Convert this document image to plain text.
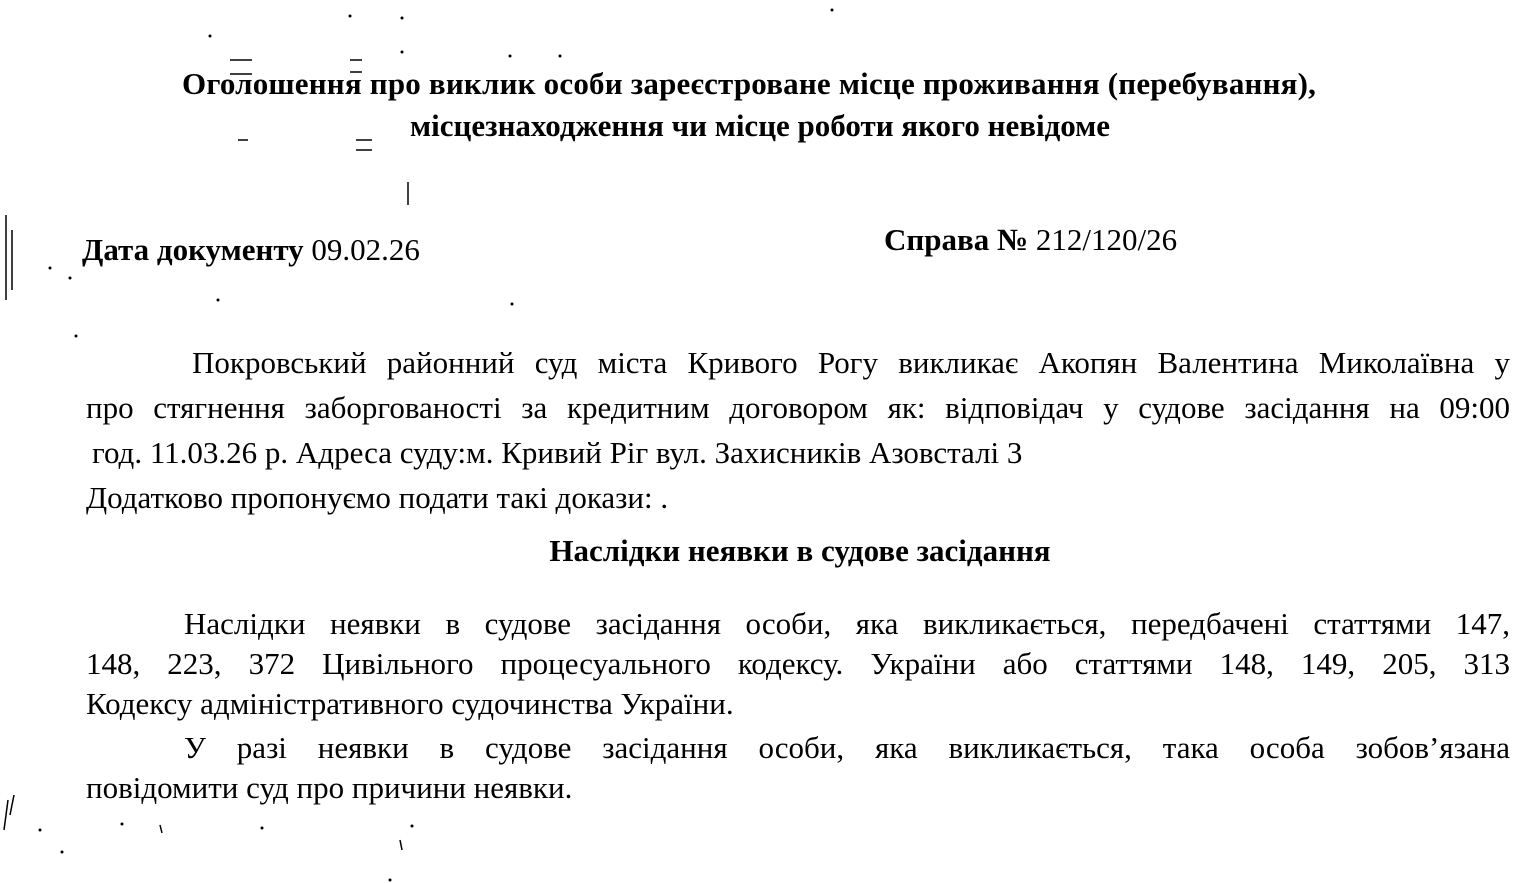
Оголошення про виклик особи зареєстроване місце проживання (перебування),
місцезнаходження чи місце роботи якого невідоме
Дата документу 09.02.26	Справа № 212/120/26
Покровський районний суд міста Кривого Рогу викликає Акопян Валентина Миколаївна у
про стягнення заборгованості за кредитним договором як: відповідач у судове засідання на 09:00
год. 11.03.26 р. Адреса суду:м. Кривий Ріг вул. Захисників Азовсталі 3
Додатково пропонуємо подати такі докази: .
Наслідки неявки в судове засідання
Наслідки неявки в судове засідання особи, яка викликається, передбачені статтями 147,
148, 223, 372 Цивільного процесуального кодексу. України або статтями 148, 149, 205, 313
Кодексу адміністративного судочинства України.
У разі неявки в судове засідання особи, яка викликається, така особа зобов’язана
повідомити суд про причини неявки.
